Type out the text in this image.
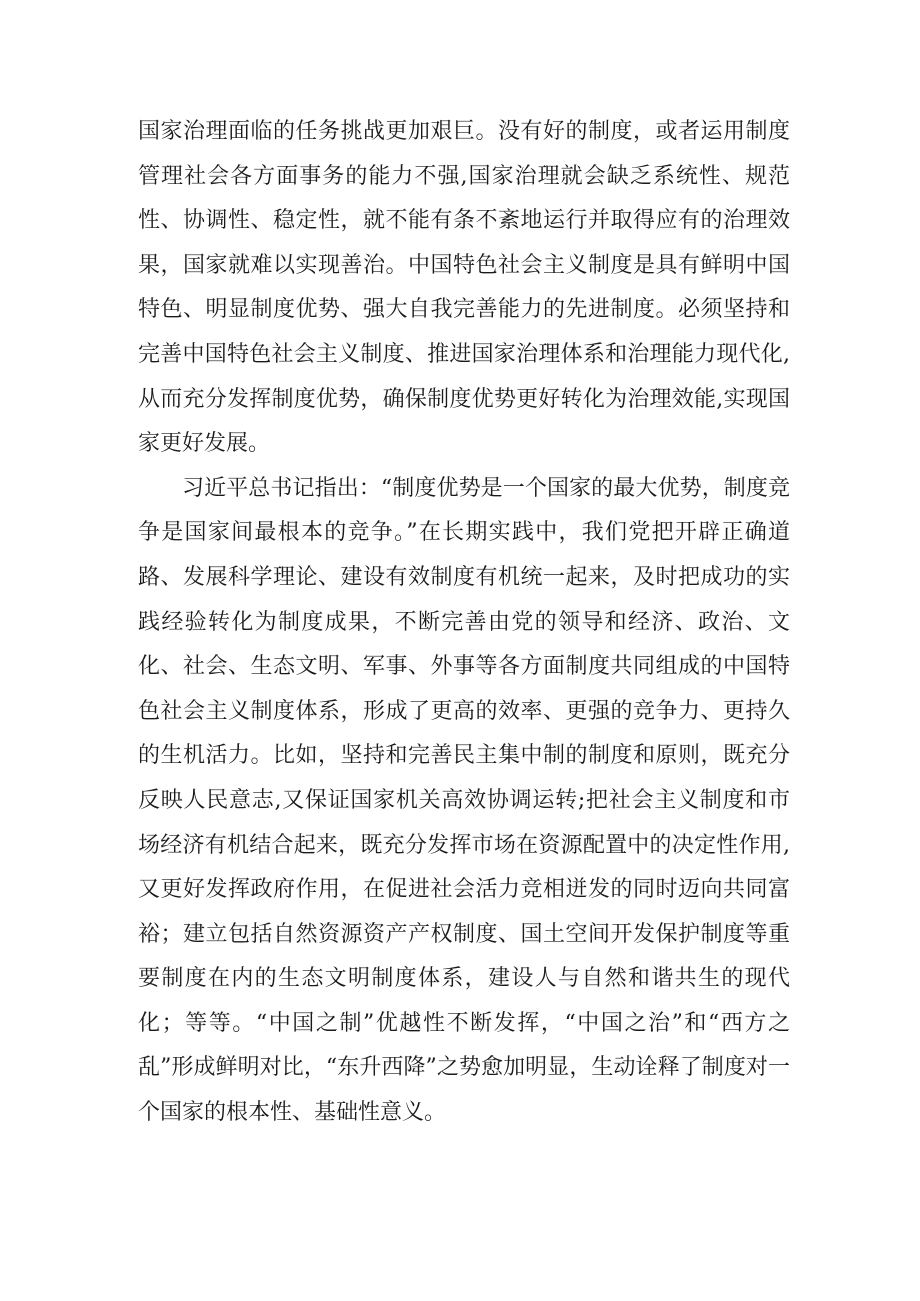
国家治理面临的任务挑战更加艰巨。没有好的制度，或者运用制度管理社会各方面事务的能力不强,国家治理就会缺乏系统性、规范性、协调性、稳定性，就不能有条不紊地运行并取得应有的治理效果，国家就难以实现善治。中国特色社会主义制度是具有鲜明中国特色、明显制度优势、强大自我完善能力的先进制度。必须坚持和完善中国特色社会主义制度、推进国家治理体系和治理能力现代化,从而充分发挥制度优势，确保制度优势更好转化为治理效能,实现国家更好发展。

习近平总书记指出：“制度优势是一个国家的最大优势，制度竞争是国家间最根本的竞争。”在长期实践中，我们党把开辟正确道路、发展科学理论、建设有效制度有机统一起来，及时把成功的实践经验转化为制度成果，不断完善由党的领导和经济、政治、文化、社会、生态文明、军事、外事等各方面制度共同组成的中国特色社会主义制度体系，形成了更高的效率、更强的竞争力、更持久的生机活力。比如，坚持和完善民主集中制的制度和原则，既充分反映人民意志,又保证国家机关高效协调运转;把社会主义制度和市场经济有机结合起来，既充分发挥市场在资源配置中的决定性作用,又更好发挥政府作用，在促进社会活力竞相迸发的同时迈向共同富裕；建立包括自然资源资产产权制度、国土空间开发保护制度等重要制度在内的生态文明制度体系，建设人与自然和谐共生的现代化；等等。“中国之制”优越性不断发挥，“中国之治”和“西方之乱”形成鲜明对比，“东升西降”之势愈加明显，生动诠释了制度对一个国家的根本性、基础性意义。
